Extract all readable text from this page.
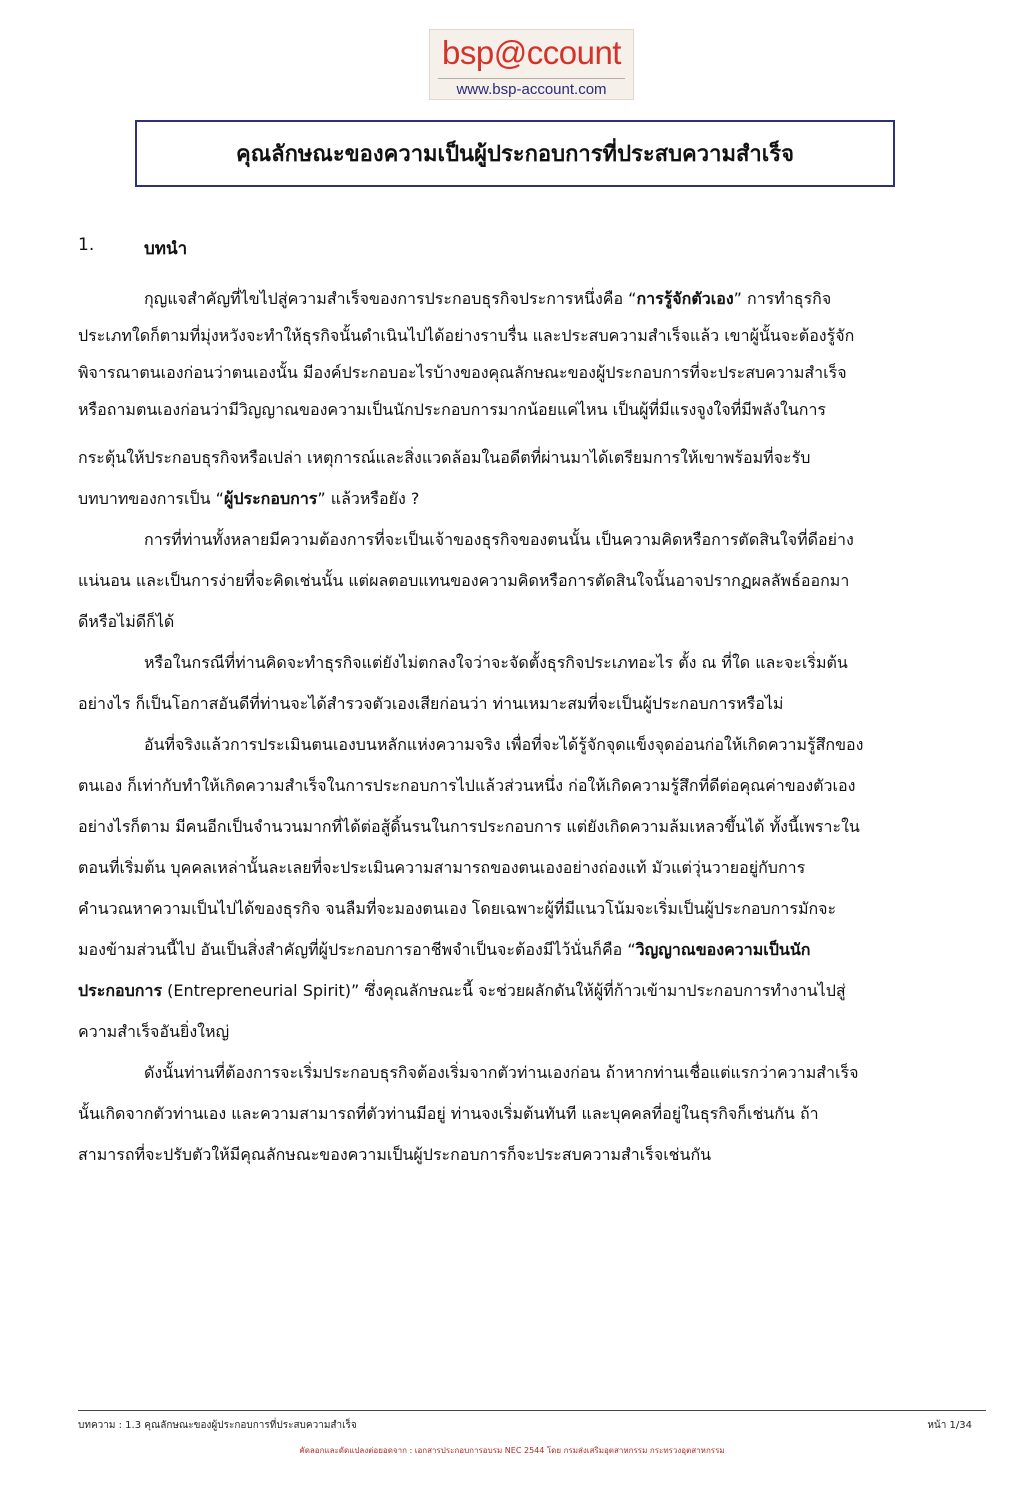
bsp@ccount
www.bsp-account.com
คุณลักษณะของความเป็นผู้ประกอบการที่ประสบความสำเร็จ
1.	บทนำ
กุญแจสำคัญที่ไขไปสู่ความสำเร็จของการประกอบธุรกิจประการหนึ่งคือ “การรู้จักตัวเอง” การทำธุรกิจ
ประเภทใดก็ตามที่มุ่งหวังจะทำให้ธุรกิจนั้นดำเนินไปได้อย่างราบรื่น และประสบความสำเร็จแล้ว เขาผู้นั้นจะต้องรู้จัก
พิจารณาตนเองก่อนว่าตนเองนั้น มีองค์ประกอบอะไรบ้างของคุณลักษณะของผู้ประกอบการที่จะประสบความสำเร็จ
หรือถามตนเองก่อนว่ามีวิญญาณของความเป็นนักประกอบการมากน้อยแค่ไหน เป็นผู้ที่มีแรงจูงใจที่มีพลังในการ
กระตุ้นให้ประกอบธุรกิจหรือเปล่า เหตุการณ์และสิ่งแวดล้อมในอดีตที่ผ่านมาได้เตรียมการให้เขาพร้อมที่จะรับ
บทบาทของการเป็น “ผู้ประกอบการ” แล้วหรือยัง ?
การที่ท่านทั้งหลายมีความต้องการที่จะเป็นเจ้าของธุรกิจของตนนั้น เป็นความคิดหรือการตัดสินใจที่ดีอย่าง
แน่นอน และเป็นการง่ายที่จะคิดเช่นนั้น แต่ผลตอบแทนของความคิดหรือการตัดสินใจนั้นอาจปรากฏผลลัพธ์ออกมา
ดีหรือไม่ดีก็ได้
หรือในกรณีที่ท่านคิดจะทำธุรกิจแต่ยังไม่ตกลงใจว่าจะจัดตั้งธุรกิจประเภทอะไร ตั้ง ณ ที่ใด และจะเริ่มต้น
อย่างไร ก็เป็นโอกาสอันดีที่ท่านจะได้สำรวจตัวเองเสียก่อนว่า ท่านเหมาะสมที่จะเป็นผู้ประกอบการหรือไม่
อันที่จริงแล้วการประเมินตนเองบนหลักแห่งความจริง เพื่อที่จะได้รู้จักจุดแข็งจุดอ่อนก่อให้เกิดความรู้สึกของ
ตนเอง ก็เท่ากับทำให้เกิดความสำเร็จในการประกอบการไปแล้วส่วนหนึ่ง ก่อให้เกิดความรู้สึกที่ดีต่อคุณค่าของตัวเอง
อย่างไรก็ตาม มีคนอีกเป็นจำนวนมากที่ได้ต่อสู้ดิ้นรนในการประกอบการ แต่ยังเกิดความล้มเหลวขึ้นได้ ทั้งนี้เพราะใน
ตอนที่เริ่มต้น บุคคลเหล่านั้นละเลยที่จะประเมินความสามารถของตนเองอย่างถ่องแท้ มัวแต่วุ่นวายอยู่กับการ
คำนวณหาความเป็นไปได้ของธุรกิจ จนลืมที่จะมองตนเอง โดยเฉพาะผู้ที่มีแนวโน้มจะเริ่มเป็นผู้ประกอบการมักจะ
มองข้ามส่วนนี้ไป อันเป็นสิ่งสำคัญที่ผู้ประกอบการอาชีพจำเป็นจะต้องมีไว้นั่นก็คือ “วิญญาณของความเป็นนัก
ประกอบการ (Entrepreneurial Spirit)” ซึ่งคุณลักษณะนี้ จะช่วยผลักดันให้ผู้ที่ก้าวเข้ามาประกอบการทำงานไปสู่
ความสำเร็จอันยิ่งใหญ่
ดังนั้นท่านที่ต้องการจะเริ่มประกอบธุรกิจต้องเริ่มจากตัวท่านเองก่อน ถ้าหากท่านเชื่อแต่แรกว่าความสำเร็จ
นั้นเกิดจากตัวท่านเอง และความสามารถที่ตัวท่านมีอยู่ ท่านจงเริ่มต้นทันที และบุคคลที่อยู่ในธุรกิจก็เช่นกัน ถ้า
สามารถที่จะปรับตัวให้มีคุณลักษณะของความเป็นผู้ประกอบการก็จะประสบความสำเร็จเช่นกัน
บทความ : 1.3 คุณลักษณะของผู้ประกอบการที่ประสบความสำเร็จ	หน้า 1/34
คัดลอกและดัดแปลงต่อยอดจาก : เอกสารประกอบการอบรม NEC 2544 โดย กรมส่งเสริมอุตสาหกรรม กระทรวงอุตสาหกรรม
